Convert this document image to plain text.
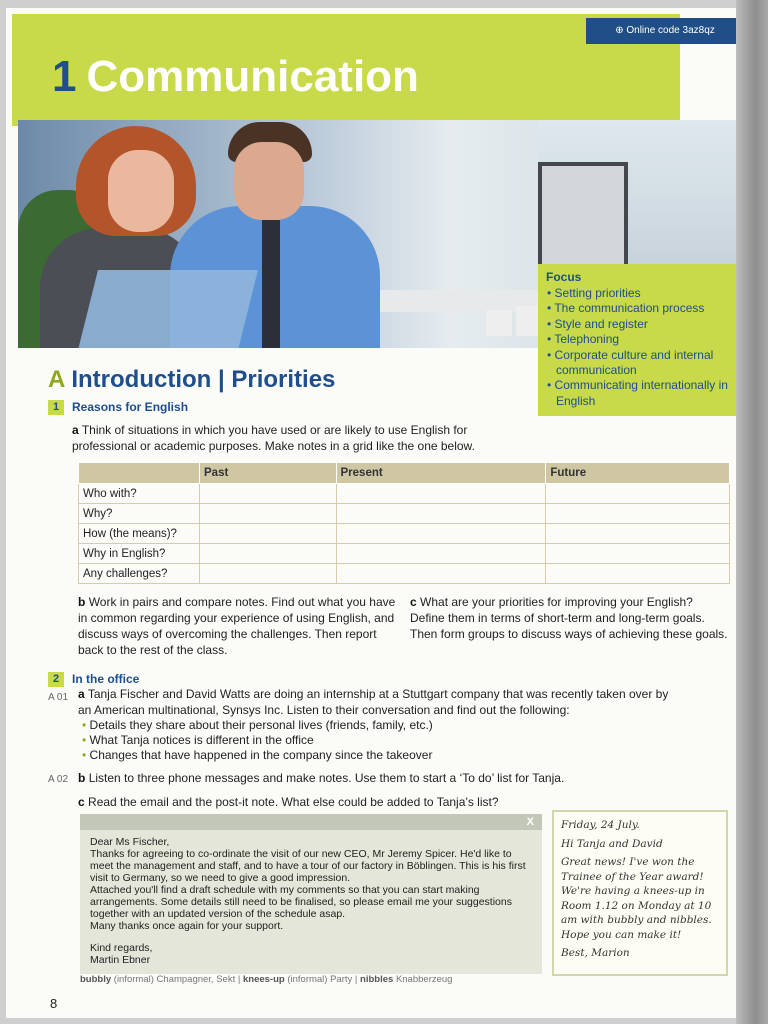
1 Communication
⊕ Online code 3az8qz
Focus
• Setting priorities
• The communication process
• Style and register
• Telephoning
• Corporate culture and internal communication
• Communicating internationally in English
A Introduction | Priorities
1	Reasons for English
a Think of situations in which you have used or are likely to use English for professional or academic purposes. Make notes in a grid like the one below.
	Past	Present	Future
Who with?			
Why?			
How (the means)?			
Why in English?			
Any challenges?			
b Work in pairs and compare notes. Find out what you have in common regarding your experience of using English, and discuss ways of overcoming the challenges. Then report back to the rest of the class.
c What are your priorities for improving your English? Define them in terms of short-term and long-term goals. Then form groups to discuss ways of achieving these goals.
2	In the office
A 01 a Tanja Fischer and David Watts are doing an internship at a Stuttgart company that was recently taken over by an American multinational, Synsys Inc. Listen to their conversation and find out the following:
• Details they share about their personal lives (friends, family, etc.)
• What Tanja notices is different in the office
• Changes that have happened in the company since the takeover
A 02 b Listen to three phone messages and make notes. Use them to start a ‘To do’ list for Tanja.
c Read the email and the post-it note. What else could be added to Tanja’s list?
X

Dear Ms Fischer,

Thanks for agreeing to co-ordinate the visit of our new CEO, Mr Jeremy Spicer. He'd like to meet the management and staff, and to have a tour of our factory in Böblingen. This is his first visit to Germany, so we need to give a good impression.

Attached you'll find a draft schedule with my comments so that you can start making arrangements. Some details still need to be finalised, so please email me your suggestions together with an updated version of the schedule asap.

Many thanks once again for your support.

Kind regards,

Martin Ebner

Friday, 24 July.

Hi Tanja and David

Great news! I've won the Trainee of the Year award! We're having a knees-up in Room 1.12 on Monday at 10 am with bubbly and nibbles. Hope you can make it!

Best, Marion

bubbly (informal) Champagner, Sekt | knees-up (informal) Party | nibbles Knabberzeug
8
